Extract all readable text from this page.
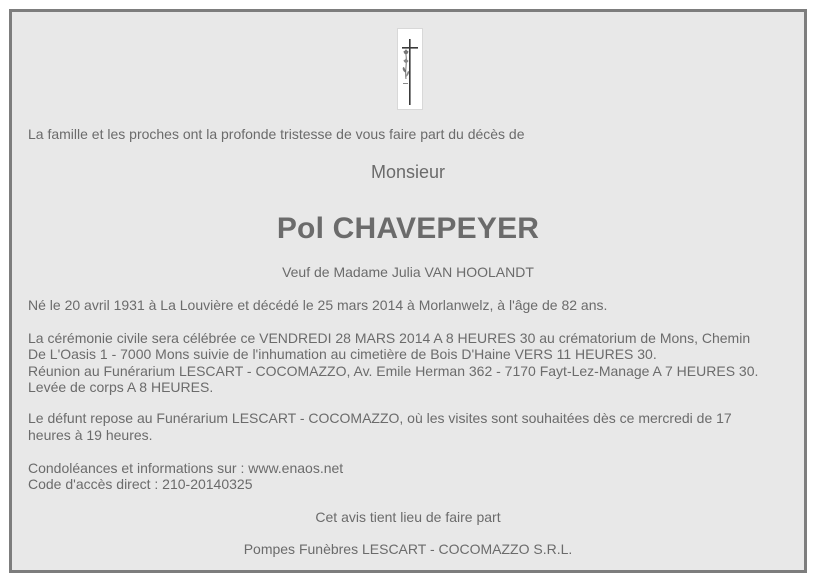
La famille et les proches ont la profonde tristesse de vous faire part du décès de
Monsieur
Pol CHAVEPEYER
Veuf de Madame Julia VAN HOOLANDT
Né le 20 avril 1931 à La Louvière et décédé le 25 mars 2014 à Morlanwelz, à l'âge de 82 ans.
La cérémonie civile sera célébrée ce VENDREDI 28 MARS 2014 A 8 HEURES 30 au crématorium de Mons, Chemin
De L'Oasis 1 - 7000 Mons suivie de l'inhumation au cimetière de Bois D'Haine VERS 11 HEURES 30.
Réunion au Funérarium LESCART - COCOMAZZO, Av. Emile Herman 362 - 7170 Fayt-Lez-Manage A 7 HEURES 30.
Levée de corps A 8 HEURES.
Le défunt repose au Funérarium LESCART - COCOMAZZO, où les visites sont souhaitées dès ce mercredi de 17
heures à 19 heures.
Condoléances et informations sur : www.enaos.net
Code d'accès direct : 210-20140325
Cet avis tient lieu de faire part
Pompes Funèbres LESCART - COCOMAZZO S.R.L.
